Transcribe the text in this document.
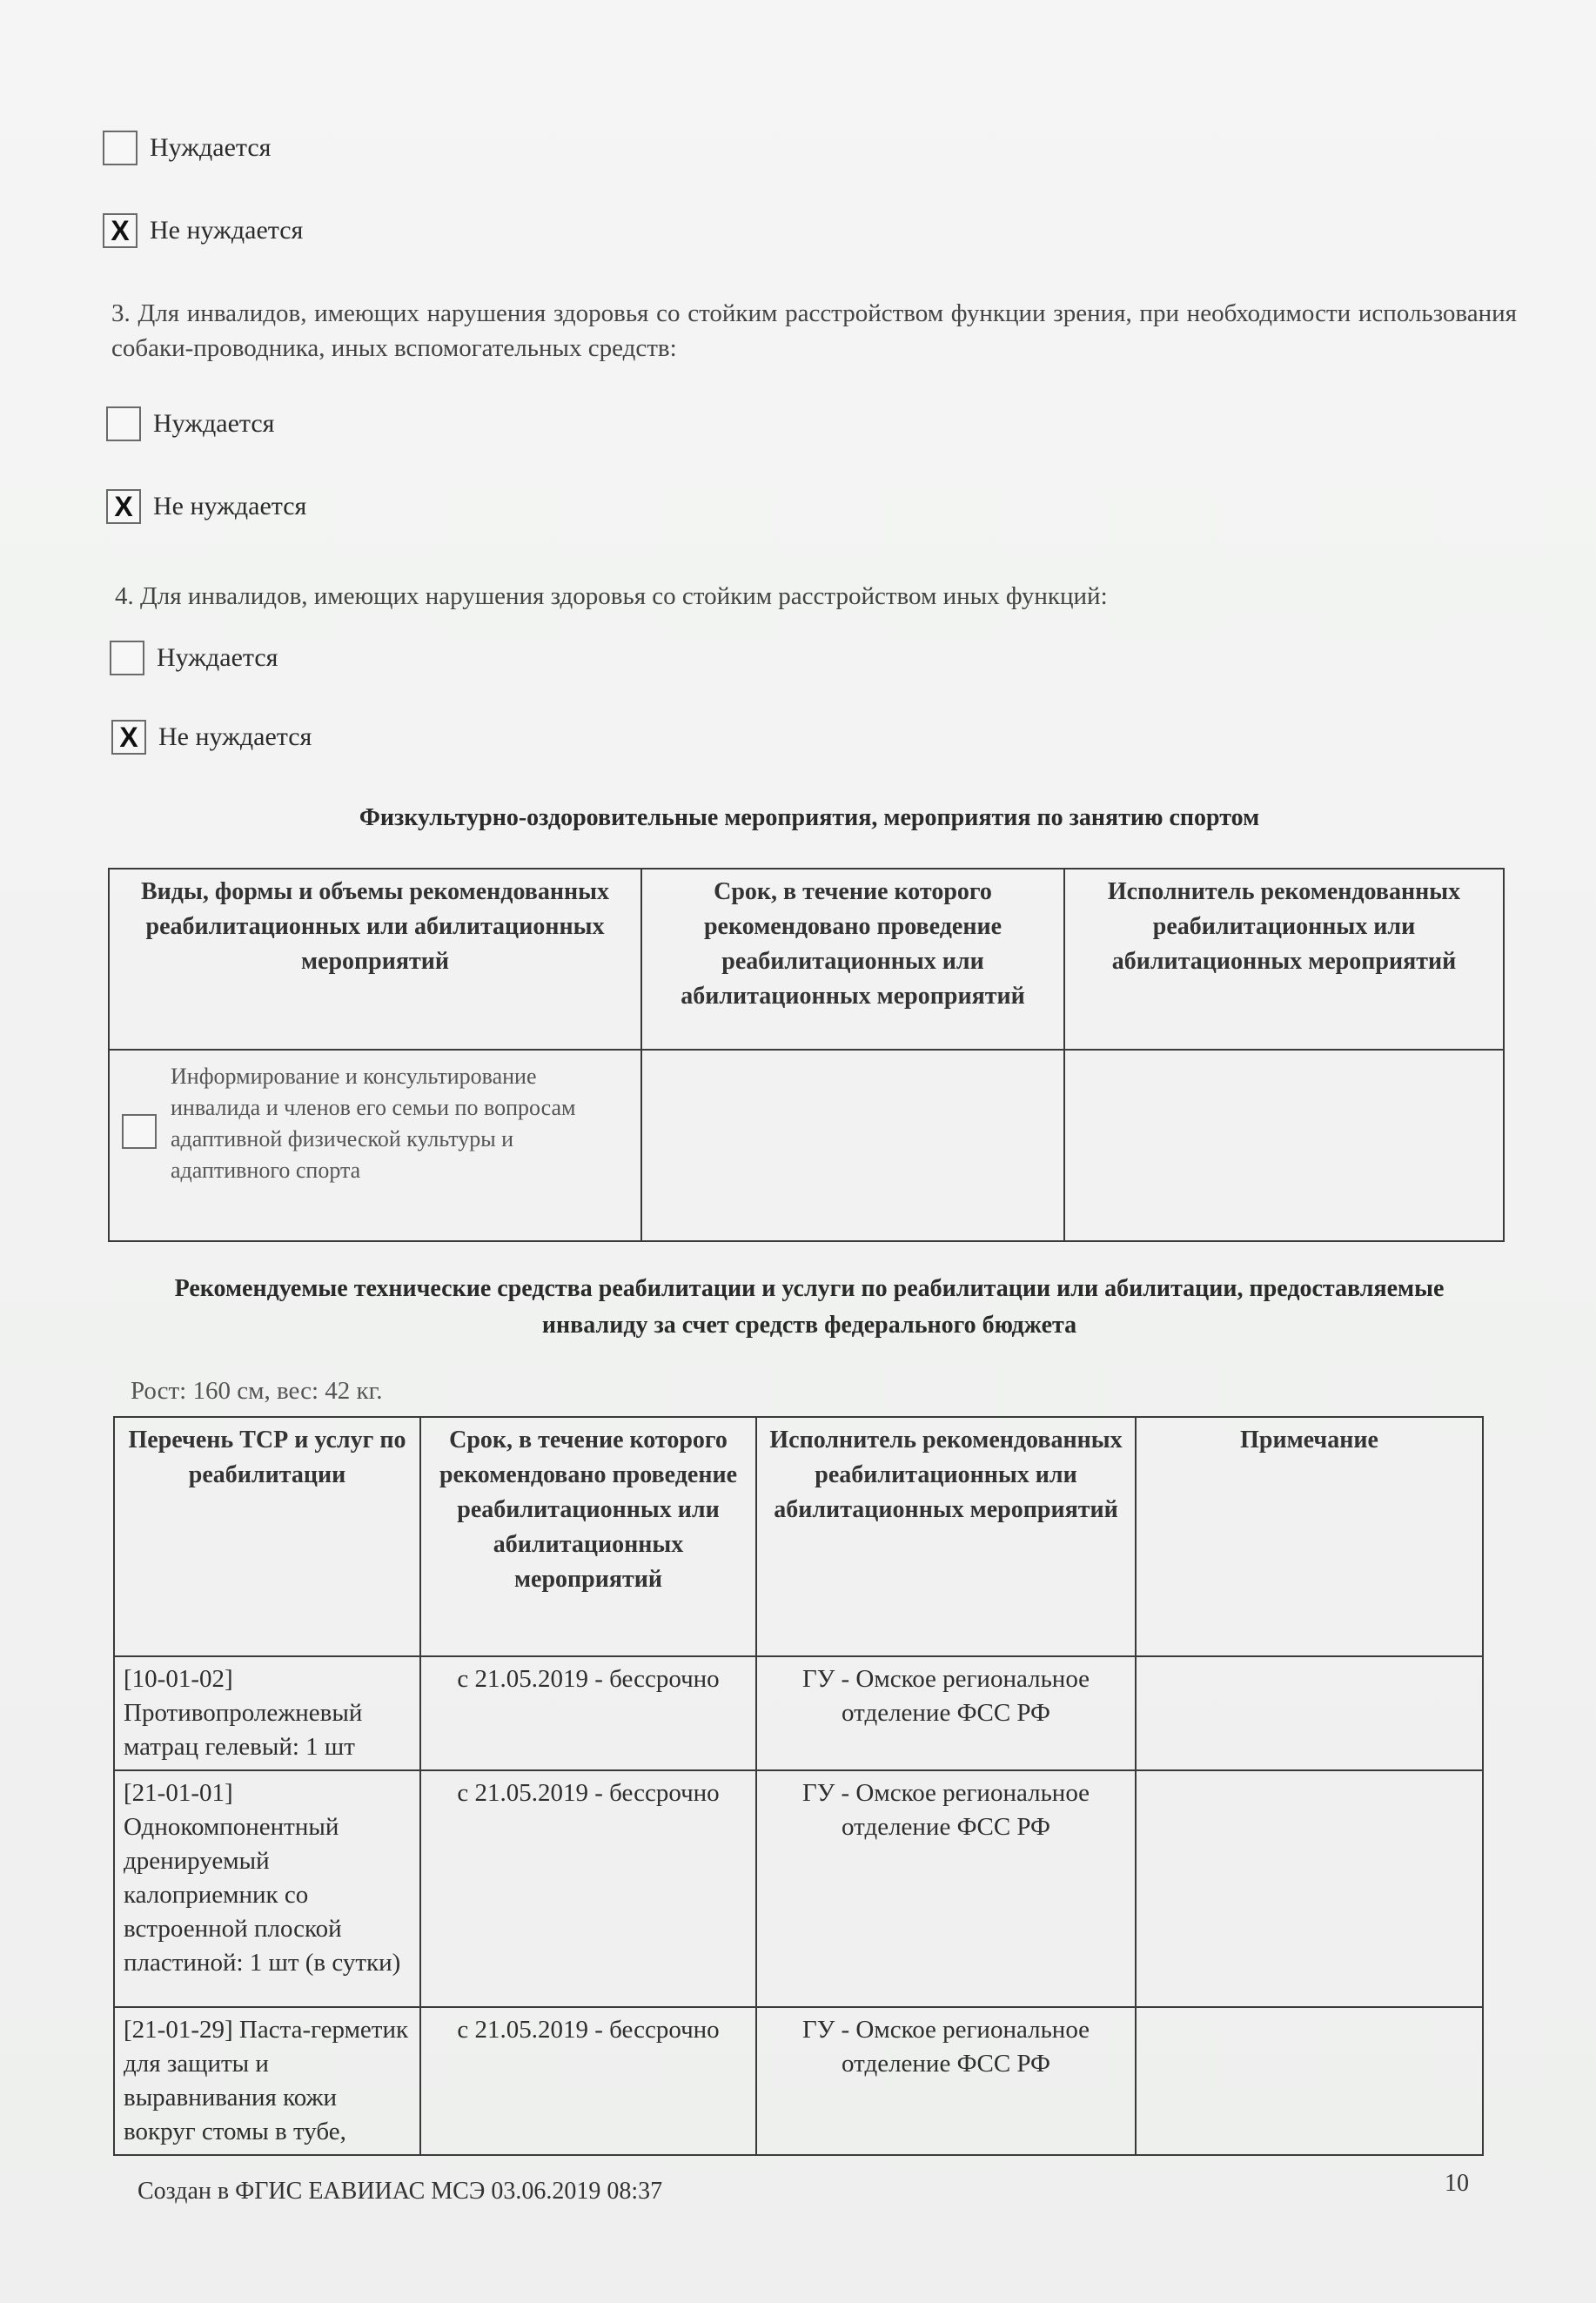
Нуждается
X Не нуждается
3. Для инвалидов, имеющих нарушения здоровья со стойким расстройством функции зрения, при необходимости использования собаки-проводника, иных вспомогательных средств:
Нуждается
X Не нуждается
4. Для инвалидов, имеющих нарушения здоровья со стойким расстройством иных функций:
Нуждается
X Не нуждается
Физкультурно-оздоровительные мероприятия, мероприятия по занятию спортом
Виды, формы и объемы рекомендованных реабилитационных или абилитационных мероприятий	Срок, в течение которого рекомендовано проведение реабилитационных или абилитационных мероприятий	Исполнитель рекомендованных реабилитационных или абилитационных мероприятий

Информирование и консультирование инвалида и членов его семьи по вопросам адаптивной физической культуры и адаптивного спорта		

Рекомендуемые технические средства реабилитации и услуги по реабилитации или абилитации, предоставляемые инвалиду за счет средств федерального бюджета
Рост: 160 см, вес: 42 кг.
Перечень ТСР и услуг по реабилитации	Срок, в течение которого рекомендовано проведение реабилитационных или абилитационных мероприятий	Исполнитель рекомендованных реабилитационных или абилитационных мероприятий	Примечание
[10-01-02] Противопролежневый матрац гелевый: 1 шт	с 21.05.2019 - бессрочно	ГУ - Омское региональное отделение ФСС РФ	
[21-01-01] Однокомпонентный дренируемый калоприемник со встроенной плоской пластиной: 1 шт (в сутки)	с 21.05.2019 - бессрочно	ГУ - Омское региональное отделение ФСС РФ	
[21-01-29] Паста-герметик для защиты и выравнивания кожи вокруг стомы в тубе,	с 21.05.2019 - бессрочно	ГУ - Омское региональное отделение ФСС РФ	
Создан в ФГИС ЕАВИИАС МСЭ 03.06.2019 08:37	10
